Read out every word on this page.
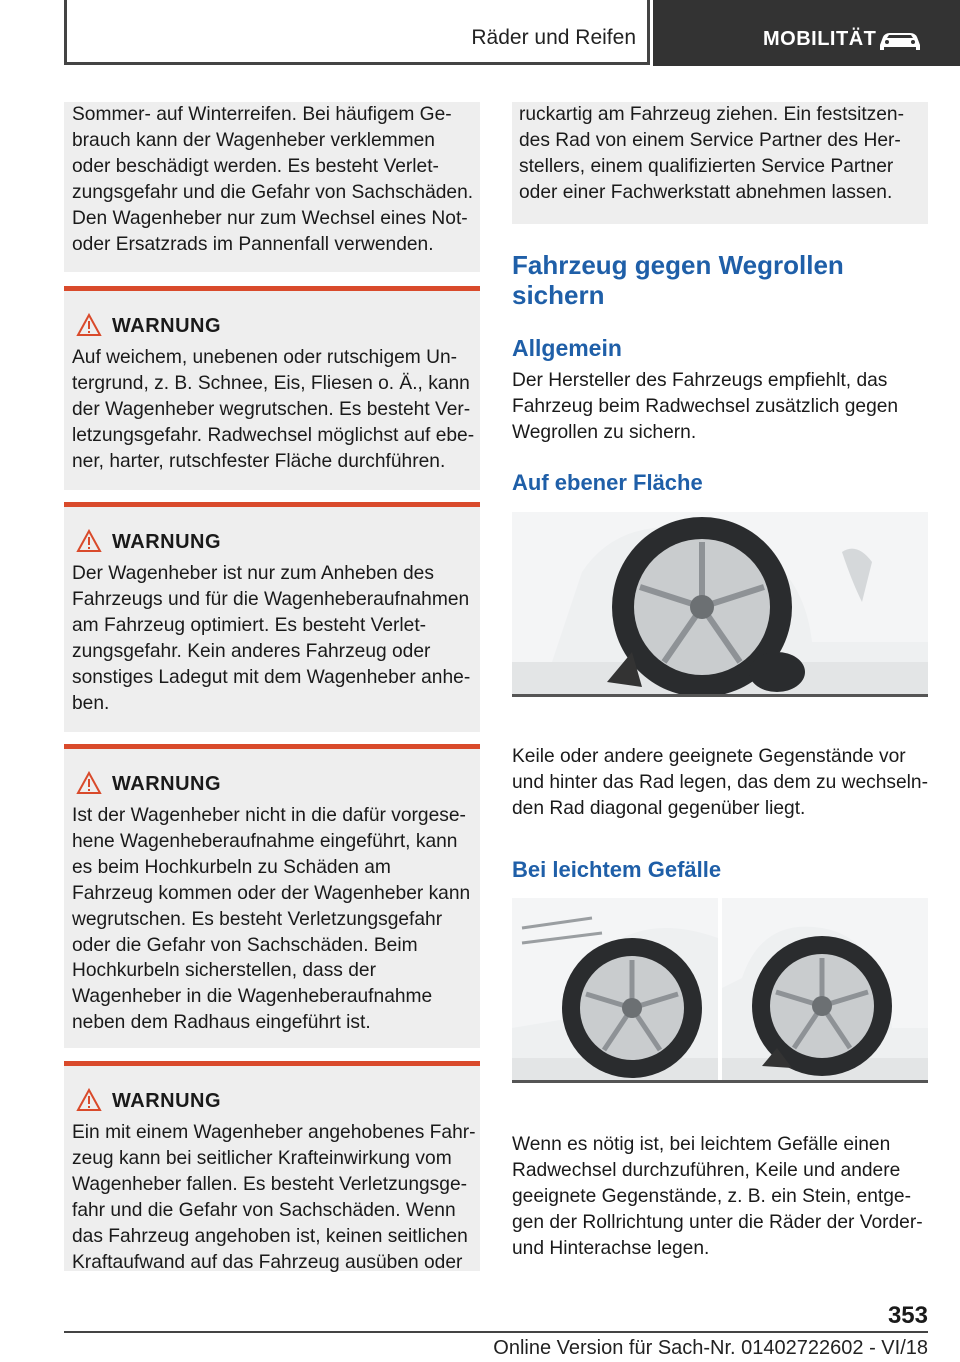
Räder und Reifen	MOBILITÄT
Sommer- auf Winterreifen. Bei häufigem Gebrauch kann der Wagenheber verklemmen oder beschädigt werden. Es besteht Verletzungsgefahr und die Gefahr von Sachschäden. Den Wagenheber nur zum Wechsel eines Not- oder Ersatzrads im Pannenfall verwenden.
WARNUNG
Auf weichem, unebenen oder rutschigem Untergrund, z. B. Schnee, Eis, Fliesen o. Ä., kann der Wagenheber wegrutschen. Es besteht Verletzungsgefahr. Radwechsel möglichst auf ebener, harter, rutschfester Fläche durchführen.
WARNUNG
Der Wagenheber ist nur zum Anheben des Fahrzeugs und für die Wagenheberaufnahmen am Fahrzeug optimiert. Es besteht Verletzungsgefahr. Kein anderes Fahrzeug oder sonstiges Ladegut mit dem Wagenheber anheben.
WARNUNG
Ist der Wagenheber nicht in die dafür vorgesehene Wagenheberaufnahme eingeführt, kann es beim Hochkurbeln zu Schäden am Fahrzeug kommen oder der Wagenheber kann wegrutschen. Es besteht Verletzungsgefahr oder die Gefahr von Sachschäden. Beim Hochkurbeln sicherstellen, dass der Wagenheber in die Wagenheberaufnahme neben dem Radhaus eingeführt ist.
WARNUNG
Ein mit einem Wagenheber angehobenes Fahrzeug kann bei seitlicher Krafteinwirkung vom Wagenheber fallen. Es besteht Verletzungsgefahr und die Gefahr von Sachschäden. Wenn das Fahrzeug angehoben ist, keinen seitlichen Kraftaufwand auf das Fahrzeug ausüben oder
ruckartig am Fahrzeug ziehen. Ein festsitzendes Rad von einem Service Partner des Herstellers, einem qualifizierten Service Partner oder einer Fachwerkstatt abnehmen lassen.
Fahrzeug gegen Wegrollen sichern
Allgemein
Der Hersteller des Fahrzeugs empfiehlt, das Fahrzeug beim Radwechsel zusätzlich gegen Wegrollen zu sichern.
Auf ebener Fläche
Keile oder andere geeignete Gegenstände vor und hinter das Rad legen, das dem zu wechselnden Rad diagonal gegenüber liegt.
Bei leichtem Gefälle
Wenn es nötig ist, bei leichtem Gefälle einen Radwechsel durchzuführen, Keile und andere geeignete Gegenstände, z. B. ein Stein, entgegen der Rollrichtung unter die Räder der Vorder- und Hinterachse legen.
353
Online Version für Sach-Nr. 01402722602 - VI/18
